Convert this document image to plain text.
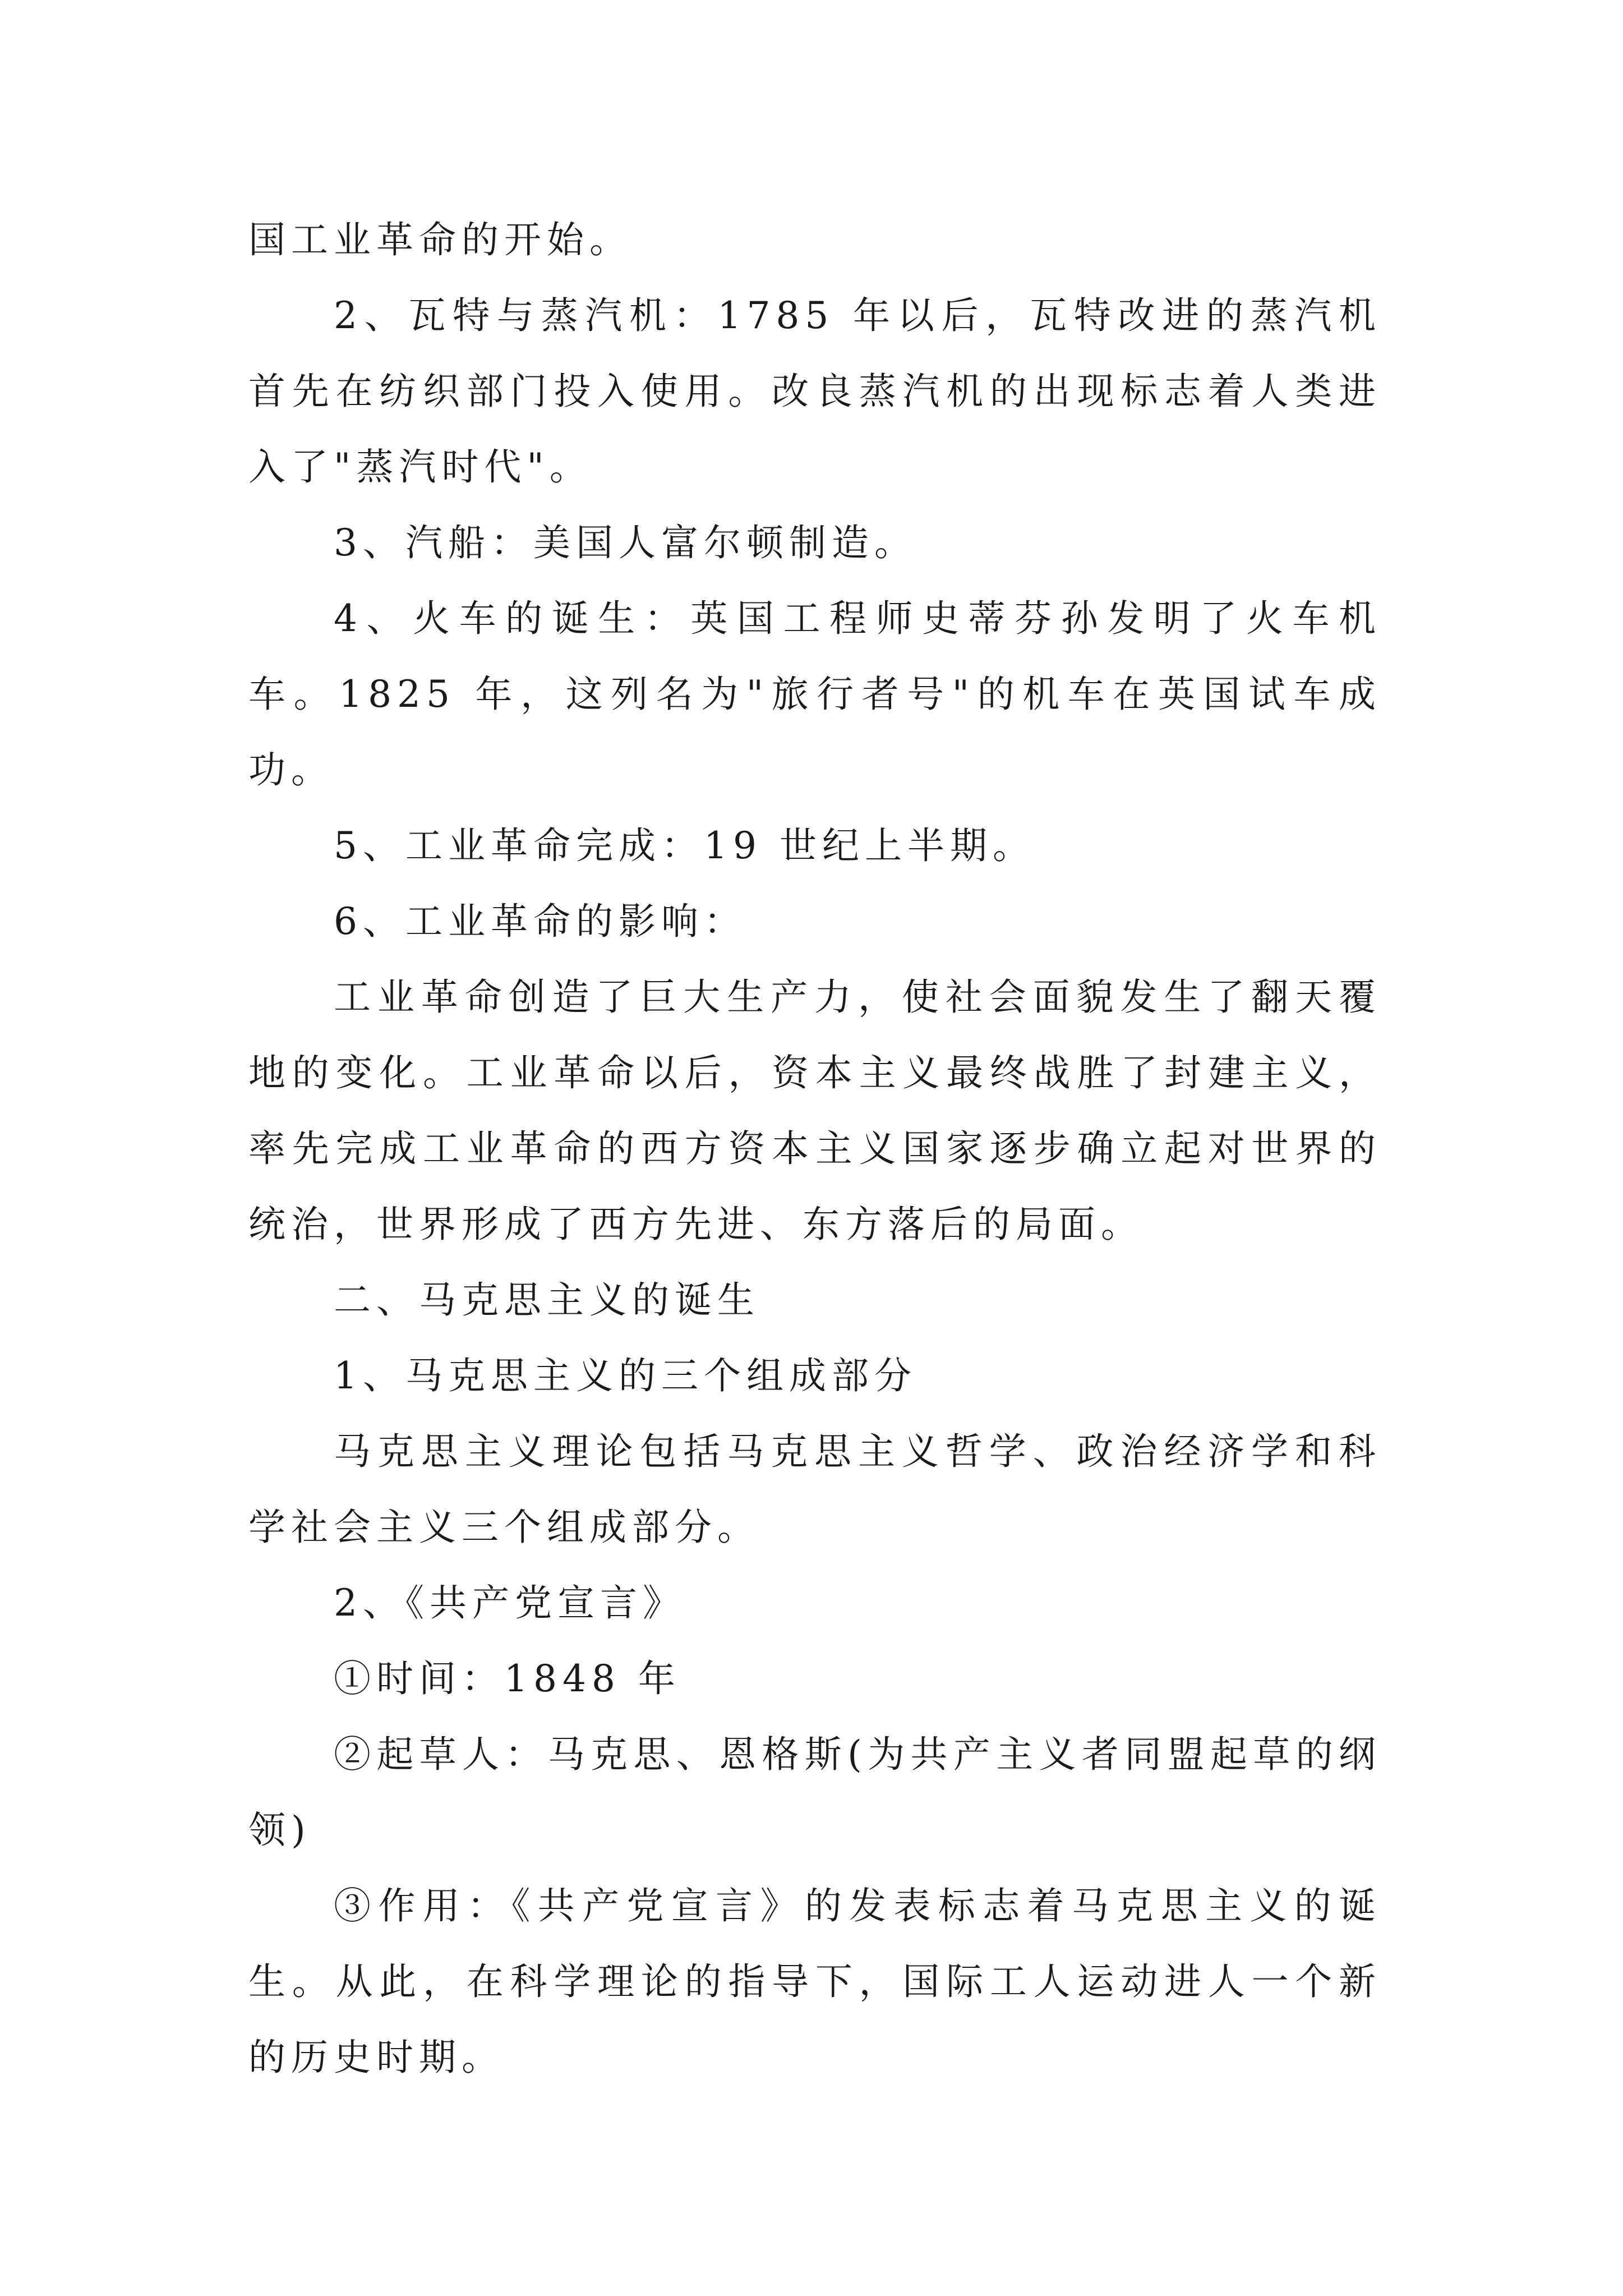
国工业革命的开始。

2、瓦特与蒸汽机：1785 年以后，瓦特改进的蒸汽机首先在纺织部门投入使用。改良蒸汽机的出现标志着人类进入了"蒸汽时代"。

3、汽船：美国人富尔顿制造。

4、火车的诞生：英国工程师史蒂芬孙发明了火车机车。1825 年，这列名为"旅行者号"的机车在英国试车成功。

5、工业革命完成：19 世纪上半期。

6、工业革命的影响：

工业革命创造了巨大生产力，使社会面貌发生了翻天覆地的变化。工业革命以后，资本主义最终战胜了封建主义，率先完成工业革命的西方资本主义国家逐步确立起对世界的统治，世界形成了西方先进、东方落后的局面。

二、马克思主义的诞生

1、马克思主义的三个组成部分

马克思主义理论包括马克思主义哲学、政治经济学和科学社会主义三个组成部分。

2、《共产党宣言》

①时间：1848 年

②起草人：马克思、恩格斯(为共产主义者同盟起草的纲领)

③作用：《共产党宣言》的发表标志着马克思主义的诞生。从此，在科学理论的指导下，国际工人运动进人一个新的历史时期。
